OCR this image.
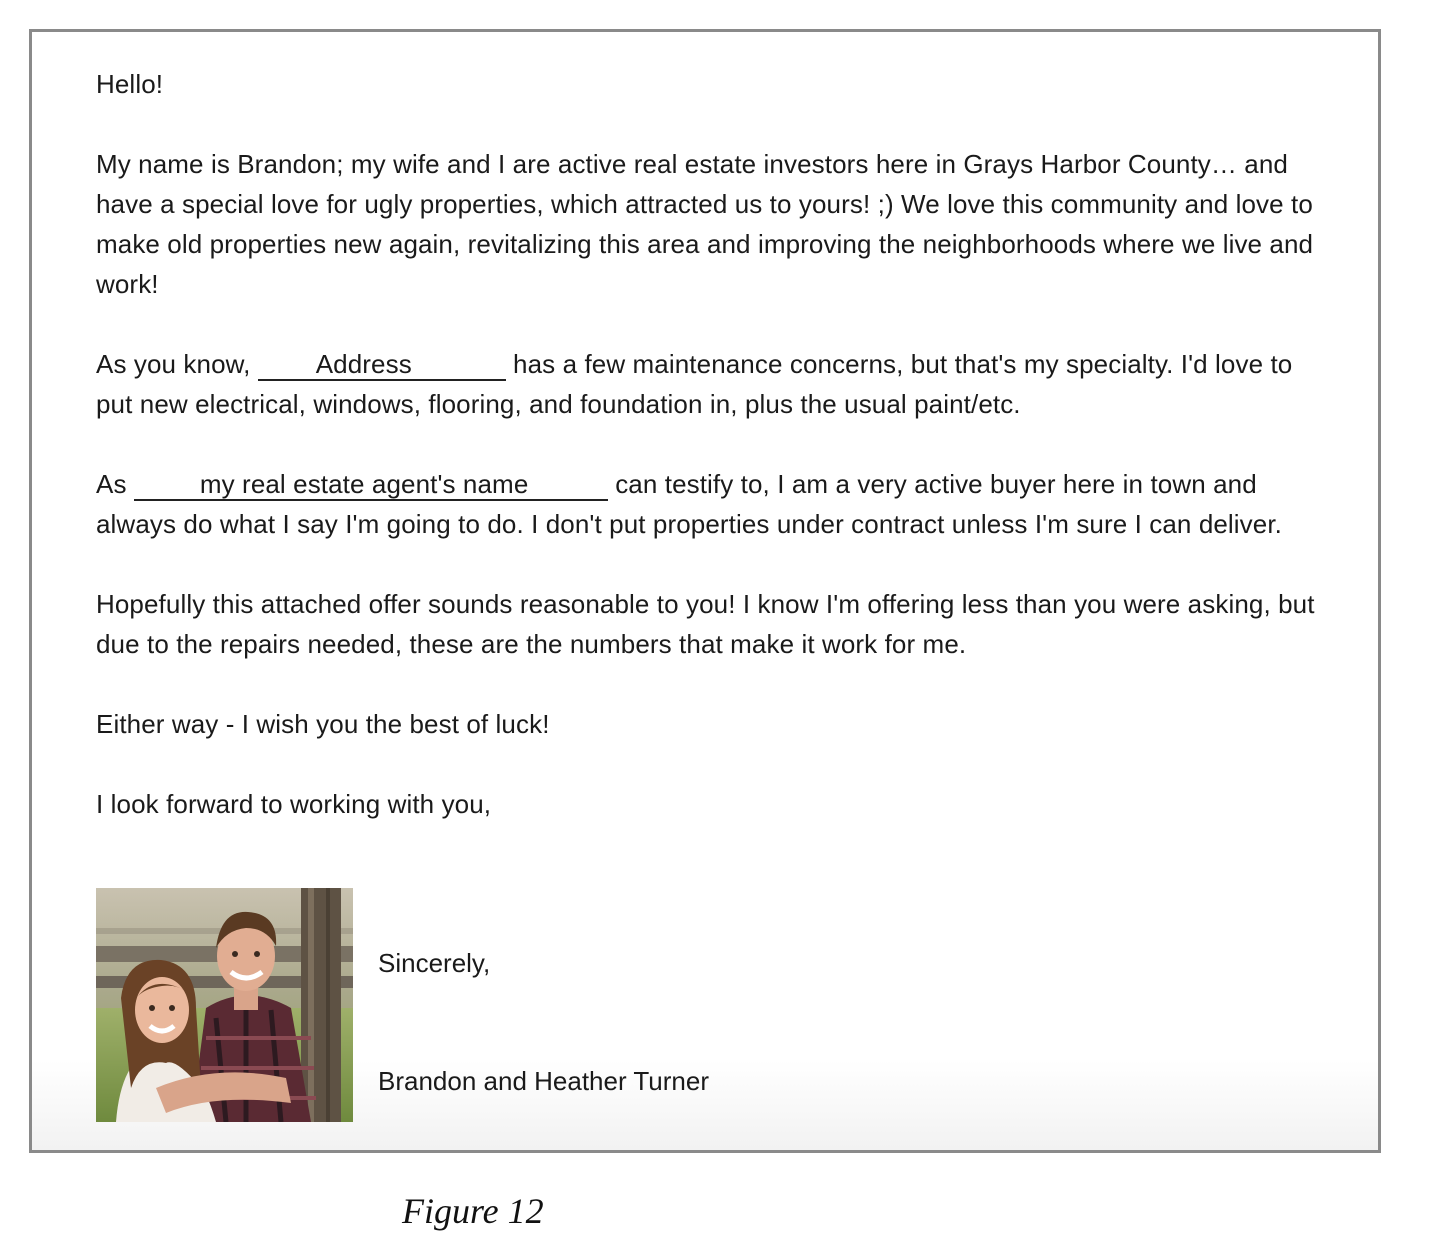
Hello!

My name is Brandon; my wife and I are active real estate investors here in Grays Harbor County… and have a special love for ugly properties, which attracted us to yours! ;) We love this community and love to make old properties new again, revitalizing this area and improving the neighborhoods where we live and work!

As you know, Address	has a few maintenance concerns, but that's my specialty. I'd love to put new electrical, windows, flooring, and foundation in, plus the usual paint/etc.

As	my real estate agent's name	can testify to, I am a very active buyer here in town and always do what I say I'm going to do. I don't put properties under contract unless I'm sure I can deliver.

Hopefully this attached offer sounds reasonable to you! I know I'm offering less than you were asking, but due to the repairs needed, these are the numbers that make it work for me.

Either way - I wish you the best of luck!

I look forward to working with you,

Sincerely,

Brandon and Heather Turner

Figure 12
